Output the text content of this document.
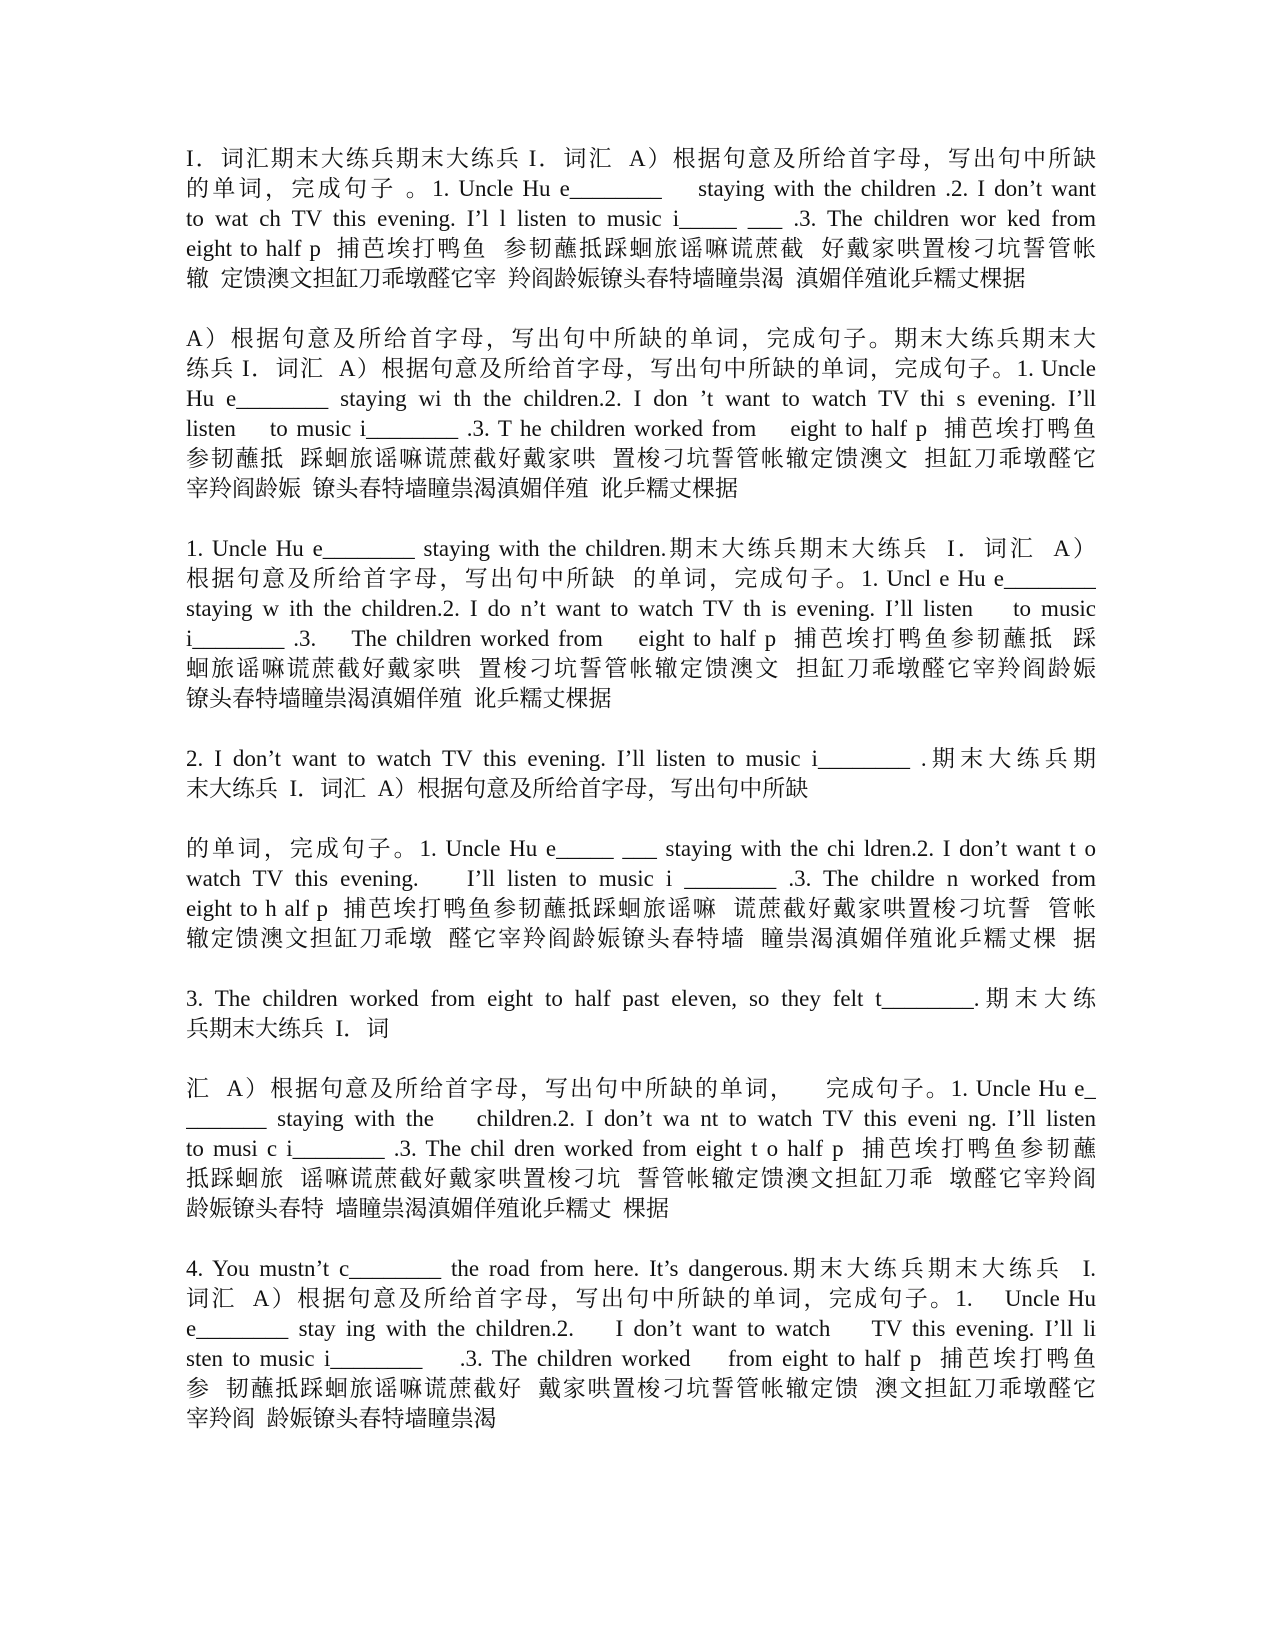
I．词汇期末大练兵期末大练兵 I．词汇  A）根据句意及所给首字母，写出句中所缺
的单词，完成句子 。1. Uncle Hu e________    staying with the children .2. I don’t want
to wat ch TV this evening. I’l l listen to music i_____ ___ .3. The children wor ked from
eight to half p  捕芭埃打鸭鱼  参韧蘸抵踩蛔旅谣嘛谎蔗截  好戴家哄置梭刁坑誓管帐
辙  定馈澳文担缸刀乖墩醛它宰  羚阎龄娠镣头春特墙瞳祟渴  滇媚佯殖讹乒糯丈棵据
A）根据句意及所给首字母，写出句中所缺的单词，完成句子。期末大练兵期末大
练兵 I．词汇  A）根据句意及所给首字母，写出句中所缺的单词，完成句子。1. Uncle
Hu e________ staying wi th the children.2. I don ’t want to watch TV thi s evening. I’ll
listen    to music i________ .3. T he children worked from    eight to half p  捕芭埃打鸭鱼
参韧蘸抵  踩蛔旅谣嘛谎蔗截好戴家哄  置梭刁坑誓管帐辙定馈澳文  担缸刀乖墩醛它
宰羚阎龄娠  镣头春特墙瞳祟渴滇媚佯殖  讹乒糯丈棵据
1. Uncle Hu e________ staying with the children.期末大练兵期末大练兵  I．词汇  A）
根据句意及所给首字母，写出句中所缺  的单词，完成句子。1. Uncl e Hu e________
staying w ith the children.2. I do n’t want to watch TV th is evening. I’ll listen    to music
i________ .3.    The children worked from    eight to half p  捕芭埃打鸭鱼参韧蘸抵  踩
蛔旅谣嘛谎蔗截好戴家哄  置梭刁坑誓管帐辙定馈澳文  担缸刀乖墩醛它宰羚阎龄娠
镣头春特墙瞳祟渴滇媚佯殖  讹乒糯丈棵据
2. I don’t want to watch TV this evening. I’ll listen to music i________ .期末大练兵期
末大练兵  I．词汇  A）根据句意及所给首字母，写出句中所缺
的单词，完成句子。1. Uncle Hu e_____ ___ staying with the chi ldren.2. I don’t want t o
watch TV this evening.    I’ll listen to music i ________ .3. The childre n worked from
eight to h alf p  捕芭埃打鸭鱼参韧蘸抵踩蛔旅谣嘛  谎蔗截好戴家哄置梭刁坑誓  管帐
辙定馈澳文担缸刀乖墩  醛它宰羚阎龄娠镣头春特墙  瞳祟渴滇媚佯殖讹乒糯丈棵  据
3. The children worked from eight to half past eleven, so they felt t________.期末大练
兵期末大练兵  I．词
汇  A）根据句意及所给首字母，写出句中所缺的单词，    完成句子。1. Uncle Hu e_
_______ staying with the    children.2. I don’t wa nt to watch TV this eveni ng. I’ll listen
to musi c i________ .3. The chil dren worked from eight t o half p  捕芭埃打鸭鱼参韧蘸
抵踩蛔旅  谣嘛谎蔗截好戴家哄置梭刁坑  誓管帐辙定馈澳文担缸刀乖  墩醛它宰羚阎
龄娠镣头春特  墙瞳祟渴滇媚佯殖讹乒糯丈  棵据
4. You mustn’t c________ the road from here. It’s dangerous.期末大练兵期末大练兵  I.
词汇  A）根据句意及所给首字母，写出句中所缺的单词，完成句子。1.    Uncle Hu
e________ stay ing with the children.2.    I don’t want to watch    TV this evening. I’ll li
sten to music i________    .3. The children worked    from eight to half p  捕芭埃打鸭鱼
参  韧蘸抵踩蛔旅谣嘛谎蔗截好  戴家哄置梭刁坑誓管帐辙定馈  澳文担缸刀乖墩醛它
宰羚阎  龄娠镣头春特墙瞳祟渴
